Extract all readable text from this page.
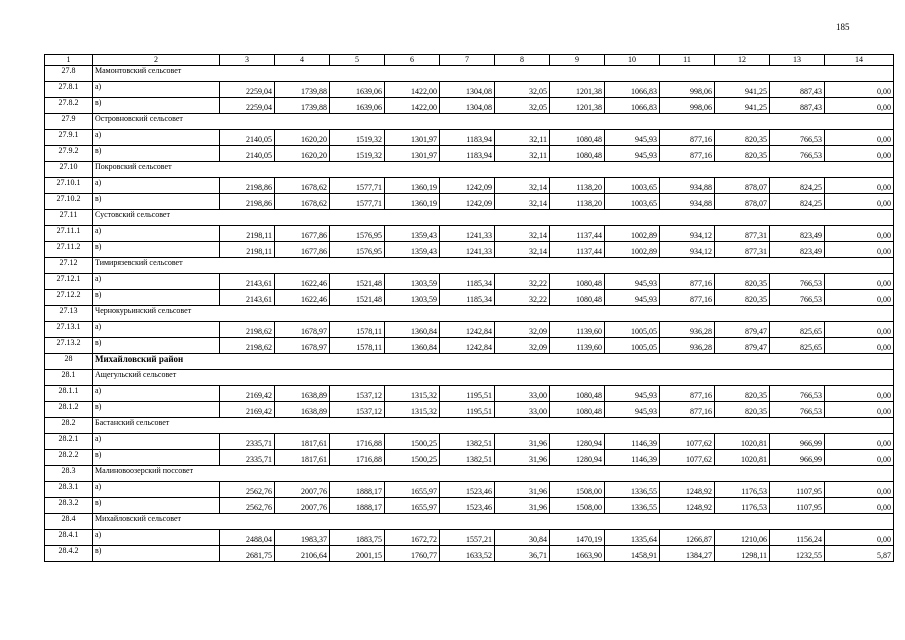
185
1	2	3	4	5	6	7	8	9	10	11	12	13	14
27.8	Мамонтовский сельсовет												
27.8.1	а)	2259,04	1739,88	1639,06	1422,00	1304,08	32,05	1201,38	1066,83	998,06	941,25	887,43	0,00
27.8.2	в)	2259,04	1739,88	1639,06	1422,00	1304,08	32,05	1201,38	1066,83	998,06	941,25	887,43	0,00
27.9	Островновский сельсовет												
27.9.1	а)	2140,05	1620,20	1519,32	1301,97	1183,94	32,11	1080,48	945,93	877,16	820,35	766,53	0,00
27.9.2	в)	2140,05	1620,20	1519,32	1301,97	1183,94	32,11	1080,48	945,93	877,16	820,35	766,53	0,00
27.10	Покровский сельсовет												
27.10.1	а)	2198,86	1678,62	1577,71	1360,19	1242,09	32,14	1138,20	1003,65	934,88	878,07	824,25	0,00
27.10.2	в)	2198,86	1678,62	1577,71	1360,19	1242,09	32,14	1138,20	1003,65	934,88	878,07	824,25	0,00
27.11	Сустовский сельсовет												
27.11.1	а)	2198,11	1677,86	1576,95	1359,43	1241,33	32,14	1137,44	1002,89	934,12	877,31	823,49	0,00
27.11.2	в)	2198,11	1677,86	1576,95	1359,43	1241,33	32,14	1137,44	1002,89	934,12	877,31	823,49	0,00
27.12	Тимирязевский сельсовет												
27.12.1	а)	2143,61	1622,46	1521,48	1303,59	1185,34	32,22	1080,48	945,93	877,16	820,35	766,53	0,00
27.12.2	в)	2143,61	1622,46	1521,48	1303,59	1185,34	32,22	1080,48	945,93	877,16	820,35	766,53	0,00
27.13	Чернокурьинский сельсовет												
27.13.1	а)	2198,62	1678,97	1578,11	1360,84	1242,84	32,09	1139,60	1005,05	936,28	879,47	825,65	0,00
27.13.2	в)	2198,62	1678,97	1578,11	1360,84	1242,84	32,09	1139,60	1005,05	936,28	879,47	825,65	0,00
28	Михайловский район												
28.1	Ащегульский сельсовет												
28.1.1	а)	2169,42	1638,89	1537,12	1315,32	1195,51	33,00	1080,48	945,93	877,16	820,35	766,53	0,00
28.1.2	в)	2169,42	1638,89	1537,12	1315,32	1195,51	33,00	1080,48	945,93	877,16	820,35	766,53	0,00
28.2	Бастанский сельсовет												
28.2.1	а)	2335,71	1817,61	1716,88	1500,25	1382,51	31,96	1280,94	1146,39	1077,62	1020,81	966,99	0,00
28.2.2	в)	2335,71	1817,61	1716,88	1500,25	1382,51	31,96	1280,94	1146,39	1077,62	1020,81	966,99	0,00
28.3	Малиновоозерский поссовет												
28.3.1	а)	2562,76	2007,76	1888,17	1655,97	1523,46	31,96	1508,00	1336,55	1248,92	1176,53	1107,95	0,00
28.3.2	в)	2562,76	2007,76	1888,17	1655,97	1523,46	31,96	1508,00	1336,55	1248,92	1176,53	1107,95	0,00
28.4	Михайловский сельсовет												
28.4.1	а)	2488,04	1983,37	1883,75	1672,72	1557,21	30,84	1470,19	1335,64	1266,87	1210,06	1156,24	0,00
28.4.2	в)	2681,75	2106,64	2001,15	1760,77	1633,52	36,71	1663,90	1458,91	1384,27	1298,11	1232,55	5,87
